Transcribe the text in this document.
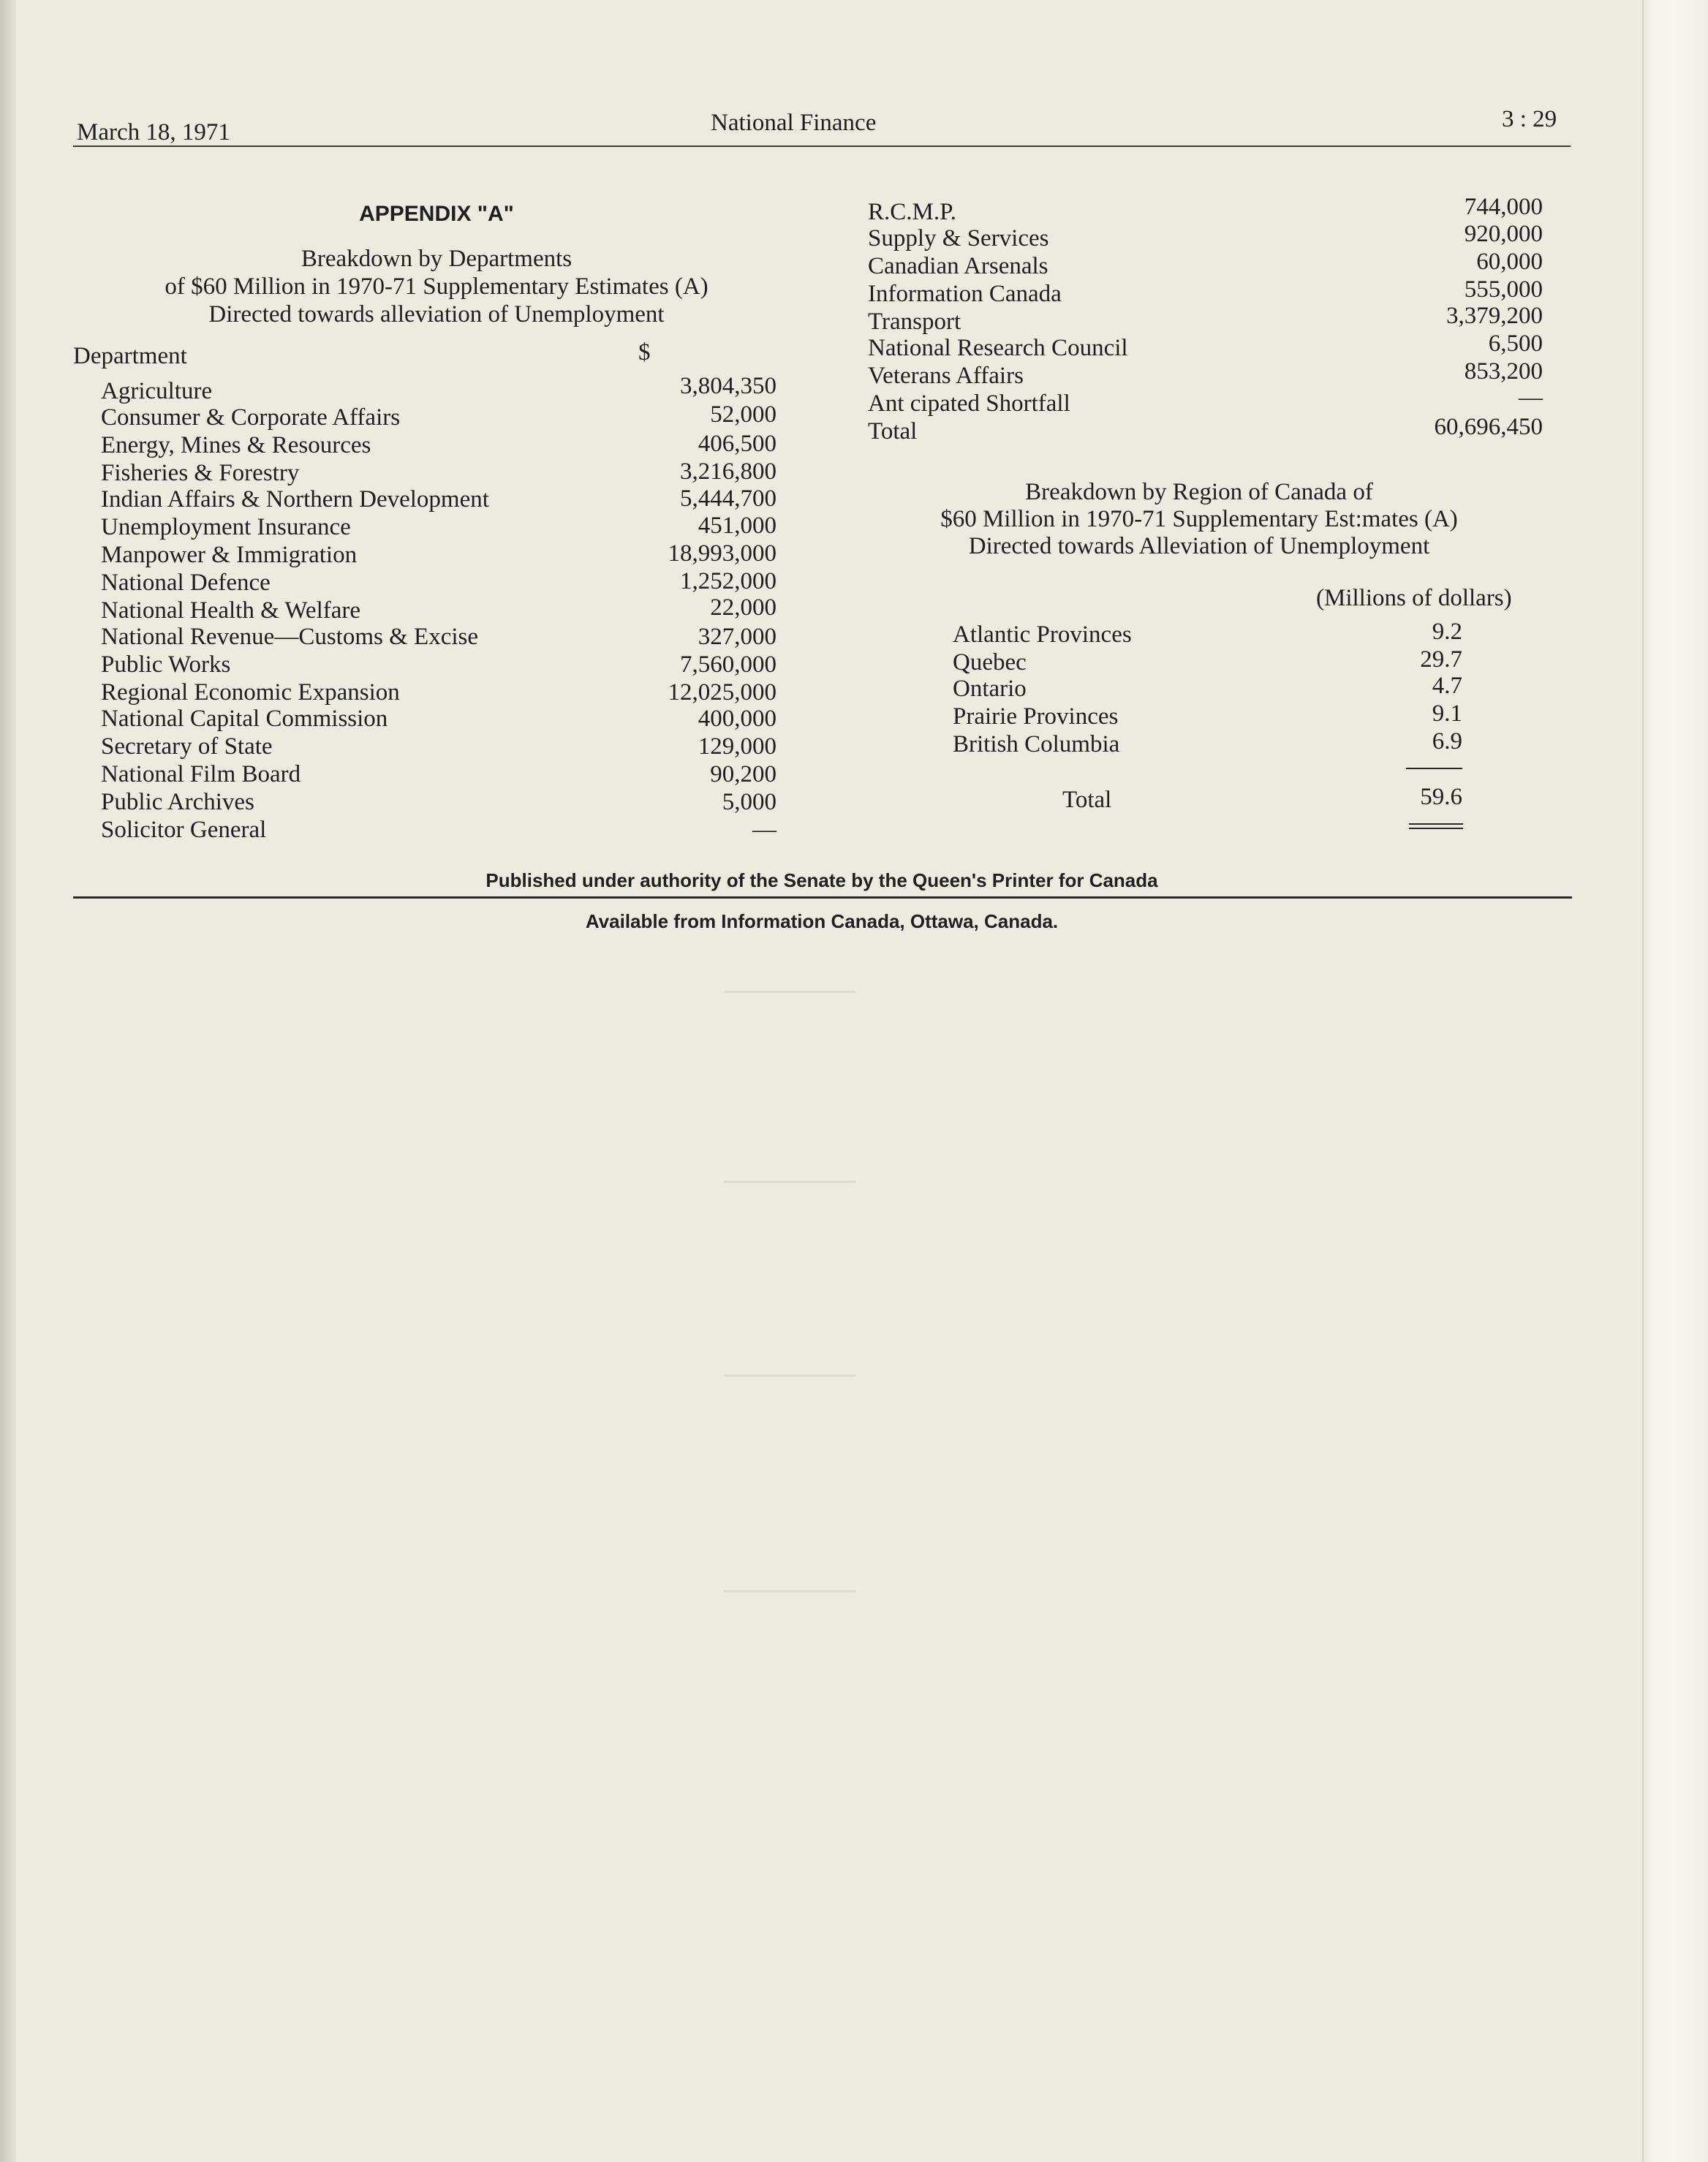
March 18, 1971	National Finance	3 : 29
APPENDIX "A"
Breakdown by Departments
of $60 Million in 1970-71 Supplementary Estimates (A)
Directed towards alleviation of Unemployment
Department	$
Agriculture	3,804,350
Consumer & Corporate Affairs	52,000
Energy, Mines & Resources	406,500
Fisheries & Forestry	3,216,800
Indian Affairs & Northern Development	5,444,700
Unemployment Insurance	451,000
Manpower & Immigration	18,993,000
National Defence	1,252,000
National Health & Welfare	22,000
National Revenue—Customs & Excise	327,000
Public Works	7,560,000
Regional Economic Expansion	12,025,000
National Capital Commission	400,000
Secretary of State	129,000
National Film Board	90,200
Public Archives	5,000
Solicitor General	—
R.C.M.P.	744,000
Supply & Services	920,000
Canadian Arsenals	60,000
Information Canada	555,000
Transport	3,379,200
National Research Council	6,500
Veterans Affairs	853,200
Ant cipated Shortfall	—
Total	60,696,450
Breakdown by Region of Canada of
$60 Million in 1970-71 Supplementary Est:mates (A)
Directed towards Alleviation of Unemployment
(Millions of dollars)
Atlantic Provinces	9.2
Quebec	29.7
Ontario	4.7
Prairie Provinces	9.1
British Columbia	6.9
Total	59.6
Published under authority of the Senate by the Queen's Printer for Canada
Available from Information Canada, Ottawa, Canada.
